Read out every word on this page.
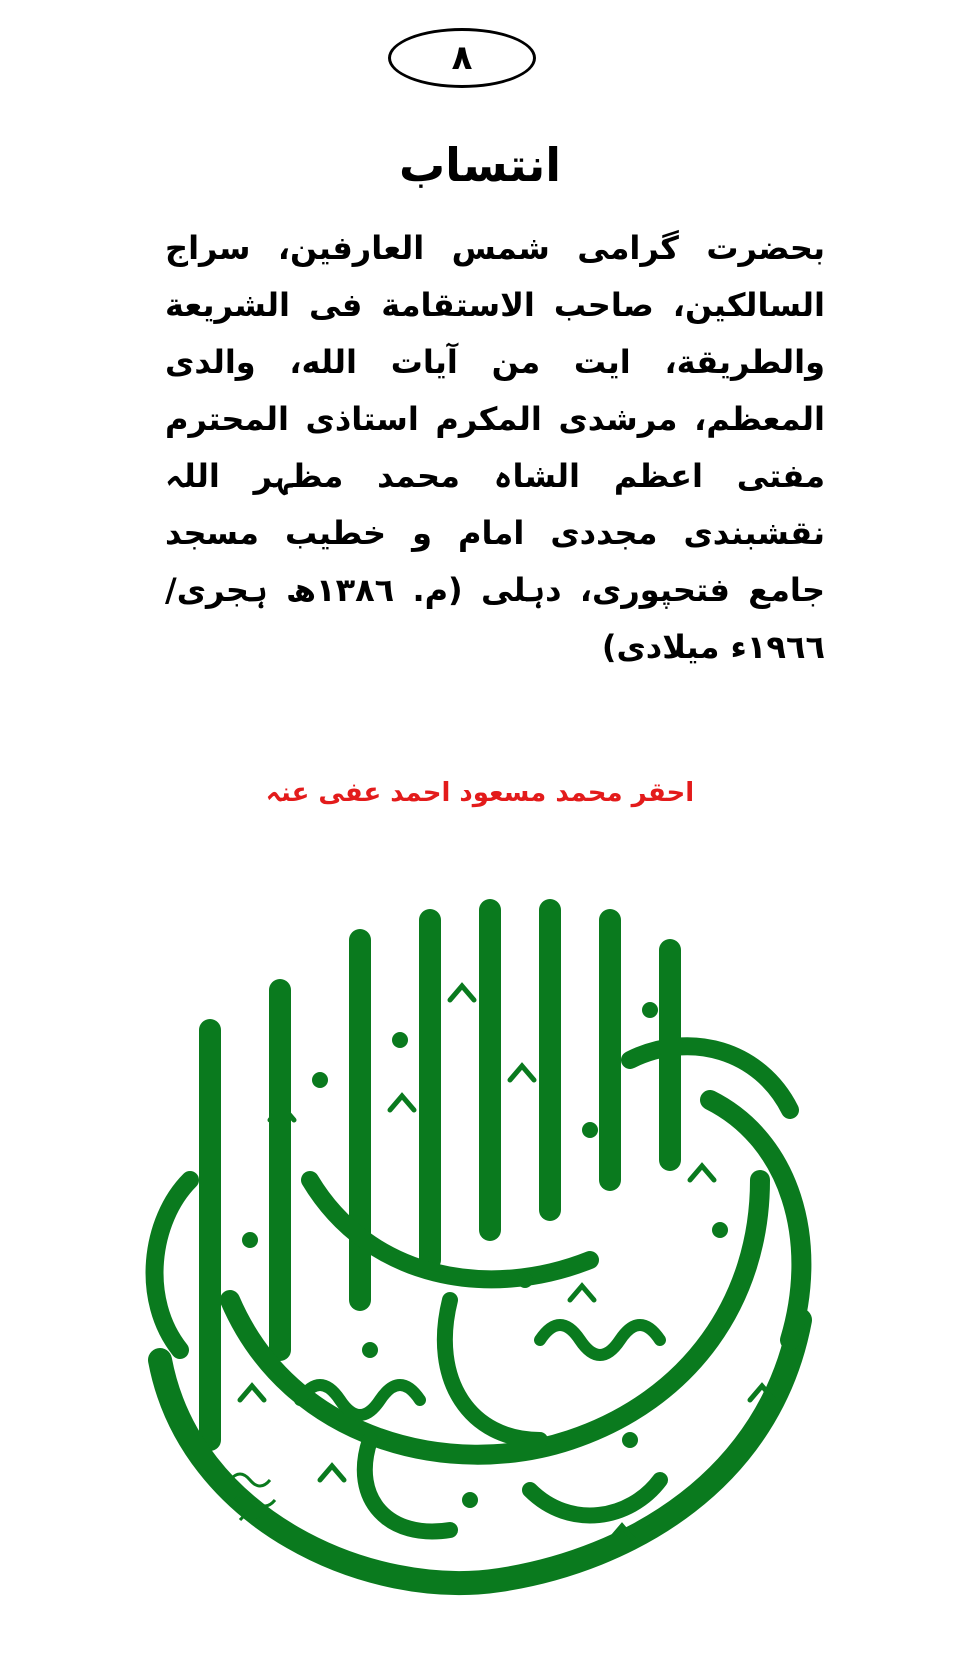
٨
انتساب
بحضرت گرامی شمس العارفین، سراج
السالکین، صاحب الاستقامة فی الشریعة
والطریقة، ایت من آیات الله، والدی
المعظم، مرشدی المکرم استاذی المحترم
مفتی اعظم الشاہ محمد مظہر اللہ
نقشبندی مجددی امام و خطیب مسجد
جامع فتحپوری، دہلی (م. ١٣٨٦ھ ہجری/
١٩٦٦ء میلادی)
احقر محمد مسعود احمد عفی عنہ
